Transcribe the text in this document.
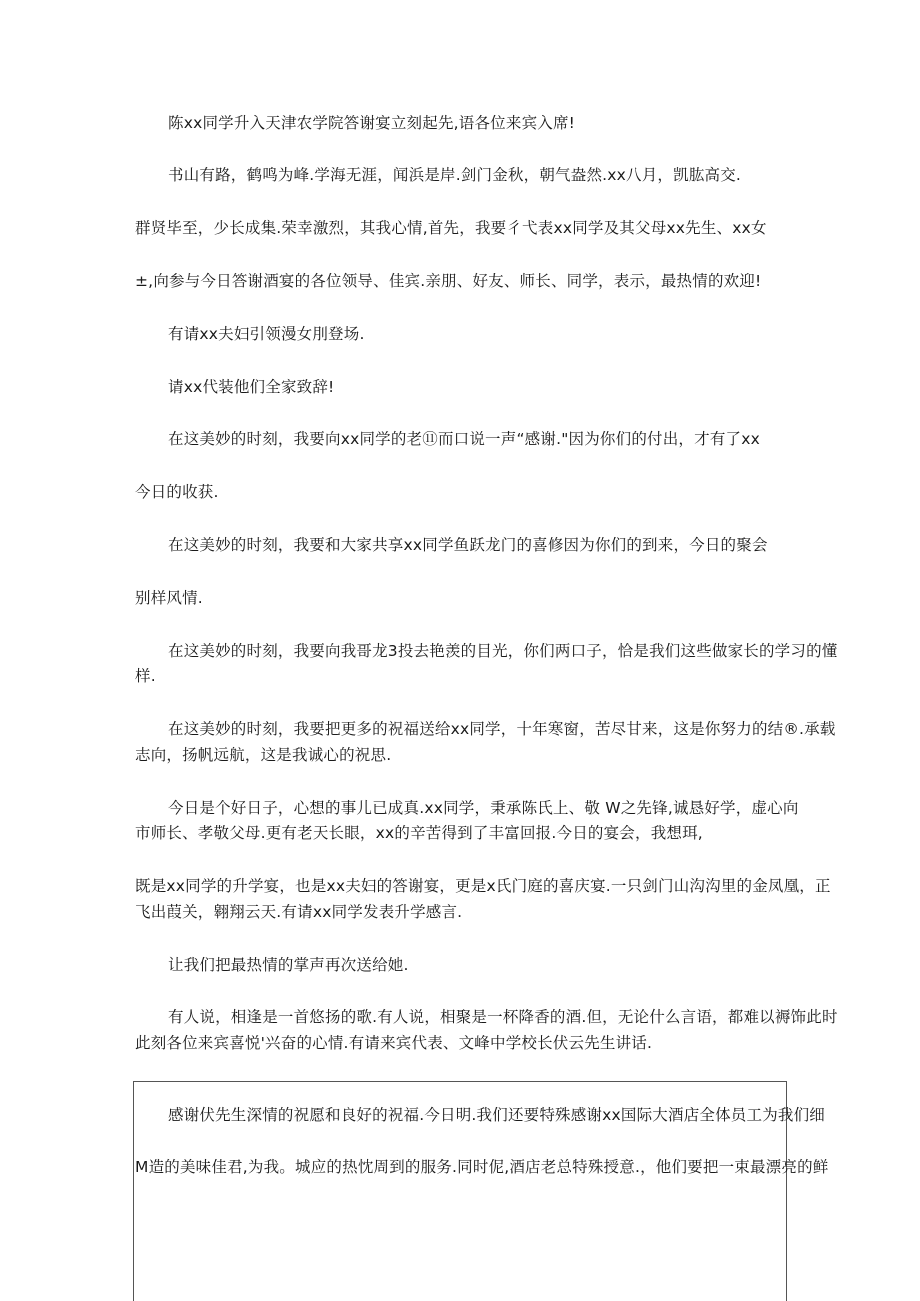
陈xx同学升入天津农学院答谢宴立刻起先,语各位来宾入席!
书山有路，鹤鸣为峰.学海无涯，闻浜是岸.剑门金秋，朝气盎然.xx八月，凯肱高交.
群贤毕至，少长成集.荣幸激烈，其我心情,首先，我要彳弋表xx同学及其父母xx先生、xx女
±,向参与今日答谢酒宴的各位领导、佳宾.亲朋、好友、师长、同学，表示，最热情的欢迎!
有请xx夫妇引领漫女刖登场.
请xx代装他们全家致辞!
在这美妙的时刻，我要向xx同学的老⑪而口说一声“感谢."因为你们的付出，才有了xx
今日的收获.
在这美妙的时刻，我要和大家共享xx同学鱼跃龙门的喜修因为你们的到来，今日的聚会
别样风情.
在这美妙的时刻，我要向我哥龙3投去艳羡的目光，你们两口子，恰是我们这些做家长的学习的懂
样.
在这美妙的时刻，我要把更多的祝福送给xx同学，十年寒窗，苦尽甘来，这是你努力的结®.承载
志向，扬帆远航，这是我诚心的祝思.
今日是个好日子，心想的事儿已成真.xx同学，秉承陈氏上、敬 W之先锋,诚恳好学，虚心向
市师长、孝敬父母.更有老天长眼，xx的辛苦得到了丰富回报.今日的宴会，我想珥,
既是xx同学的升学宴，也是xx夫妇的答谢宴，更是x氏门庭的喜庆宴.一只剑门山沟沟里的金凤凰，正
飞出葭关，翱翔云天.有请xx同学发表升学感言.
让我们把最热情的掌声再次送给她.
有人说，相逢是一首悠扬的歌.有人说，相聚是一杯降香的酒.但，无论什么言语，都难以褥饰此时
此刻各位来宾喜悦'兴奋的心情.有请来宾代表、文峰中学校长伏云先生讲话.
感谢伏先生深情的祝愿和良好的祝福.今日明.我们还要特殊感谢xx国际大酒店全体员工为我们细
M造的美味佳君,为我。城应的热忱周到的服务.同时伲,酒店老总特殊授意.，他们要把一束最漂亮的鲜
